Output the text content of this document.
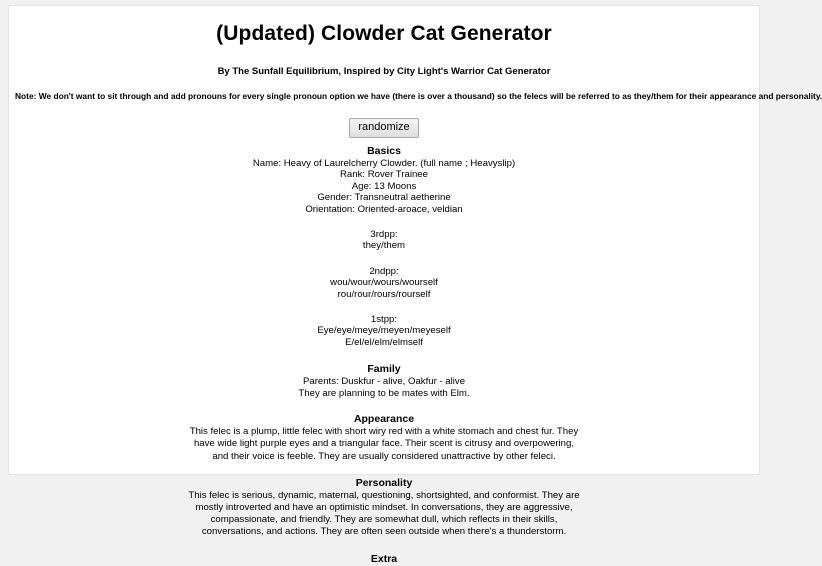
(Updated) Clowder Cat Generator

By The Sunfall Equilibrium, Inspired by City Light's Warrior Cat Generator

Note: We don't want to sit through and add pronouns for every single pronoun option we have (there is over a thousand) so the felecs will be referred to as they/them for their appearance and personality.

randomize
Basics
Name: Heavy of Laurelcherry Clowder. (full name ; Heavyslip)
Rank: Rover Trainee
Age: 13 Moons
Gender: Transneutral aetherine
Orientation: Oriented-aroace, veldian
3rdpp:
they/them
2ndpp:
wou/wour/wours/wourself
rou/rour/rours/rourself
1stpp:
Eye/eye/meye/meyen/meyeself
E/el/el/elm/elmself
Family
Parents: Duskfur - alive, Oakfur - alive
They are planning to be mates with Elm.
Appearance
This felec is a plump, little felec with short wiry red with a white stomach and chest fur. They have wide light purple eyes and a triangular face. Their scent is citrusy and overpowering, and their voice is feeble. They are usually considered unattractive by other feleci.
Personality
This felec is serious, dynamic, maternal, questioning, shortsighted, and conformist. They are mostly introverted and have an optimistic mindset. In conversations, they are aggressive, compassionate, and friendly. They are somewhat dull, which reflects in their skills, conversations, and actions. They are often seen outside when there's a thunderstorm.
Extra
